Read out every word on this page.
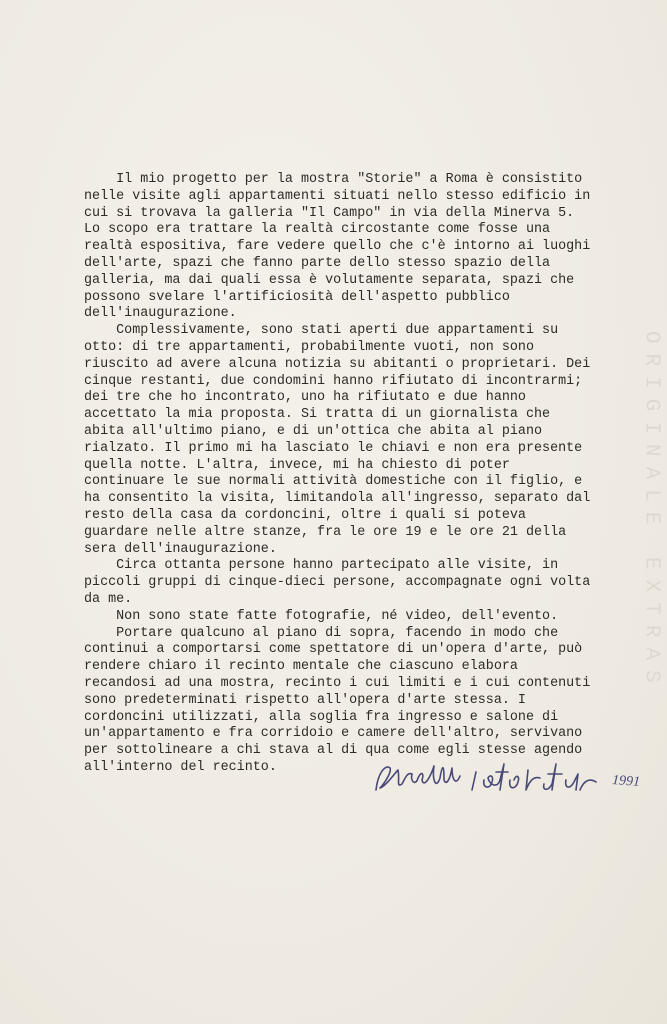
ORIGINALE EXTRAS

Il mio progetto per la mostra "Storie" a Roma è consistito
nelle visite agli appartamenti situati nello stesso edificio in
cui si trovava la galleria "Il Campo" in via della Minerva 5.
Lo scopo era trattare la realtà circostante come fosse una
realtà espositiva, fare vedere quello che c'è intorno ai luoghi
dell'arte, spazi che fanno parte dello stesso spazio della
galleria, ma dai quali essa è volutamente separata, spazi che
possono svelare l'artificiosità dell'aspetto pubblico
dell'inaugurazione.

Complessivamente, sono stati aperti due appartamenti su
otto: di tre appartamenti, probabilmente vuoti, non sono
riuscito ad avere alcuna notizia su abitanti o proprietari. Dei
cinque restanti, due condomini hanno rifiutato di incontrarmi;
dei tre che ho incontrato, uno ha rifiutato e due hanno
accettato la mia proposta. Si tratta di un giornalista che
abita all'ultimo piano, e di un'ottica che abita al piano
rialzato. Il primo mi ha lasciato le chiavi e non era presente
quella notte. L'altra, invece, mi ha chiesto di poter
continuare le sue normali attività domestiche con il figlio, e
ha consentito la visita, limitandola all'ingresso, separato dal
resto della casa da cordoncini, oltre i quali si poteva
guardare nelle altre stanze, fra le ore 19 e le ore 21 della
sera dell'inaugurazione.

Circa ottanta persone hanno partecipato alle visite, in
piccoli gruppi di cinque-dieci persone, accompagnate ogni volta
da me.

Non sono state fatte fotografie, né video, dell'evento.

Portare qualcuno al piano di sopra, facendo in modo che
continui a comportarsi come spettatore di un'opera d'arte, può
rendere chiaro il recinto mentale che ciascuno elabora
recandosi ad una mostra, recinto i cui limiti e i cui contenuti
sono predeterminati rispetto all'opera d'arte stessa. I
cordoncini utilizzati, alla soglia fra ingresso e salone di
un'appartamento e fra corridoio e camere dell'altro, servivano
per sottolineare a chi stava al di qua come egli stesse agendo
all'interno del recinto.

1991
